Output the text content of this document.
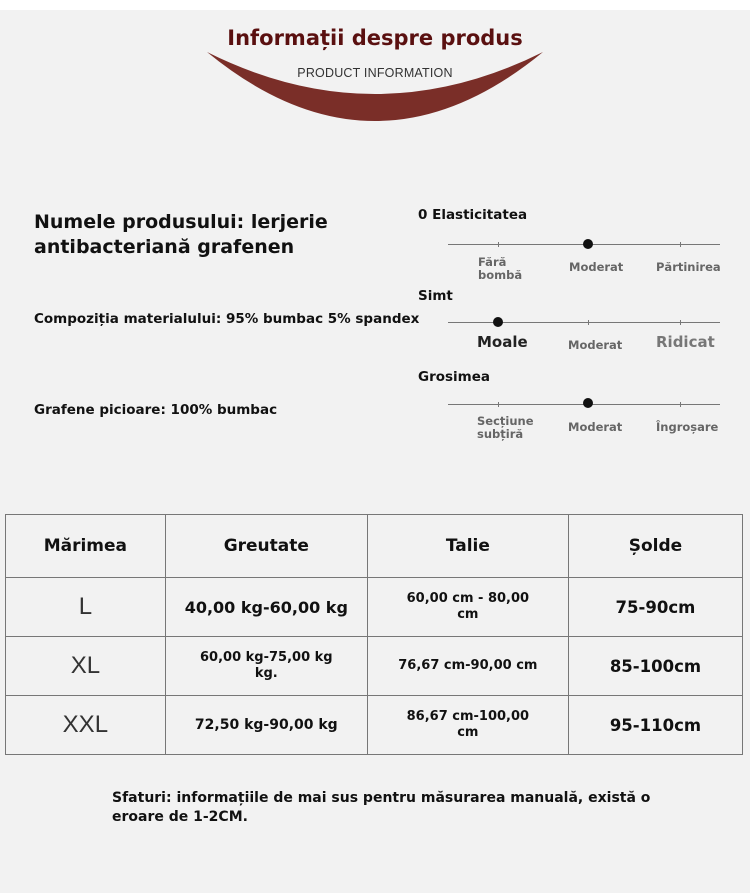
Informații despre produs
PRODUCT INFORMATION
Numele produsului: lerjerie
antibacteriană grafenen
Compoziția materialului: 95% bumbac 5% spandex
Grafene picioare: 100% bumbac
0 Elasticitatea
Fără bombă
Moderat	Părtinirea
Simt
Moale	Moderat Ridicat
Grosimea
Secțiune subțiră	Moderat	Îngroșare
Mărimea	Greutate	Talie	Șolde
L	40,00 kg-60,00 kg	60,00 cm - 80,00 cm	75-90cm
XL	60,00 kg-75,00 kg kg.	76,67 cm-90,00 cm	85-100cm
XXL	72,50 kg-90,00 kg	86,67 cm-100,00 cm	95-110cm
Sfaturi: informațiile de mai sus pentru măsurarea manuală, există o eroare de 1-2CM.
